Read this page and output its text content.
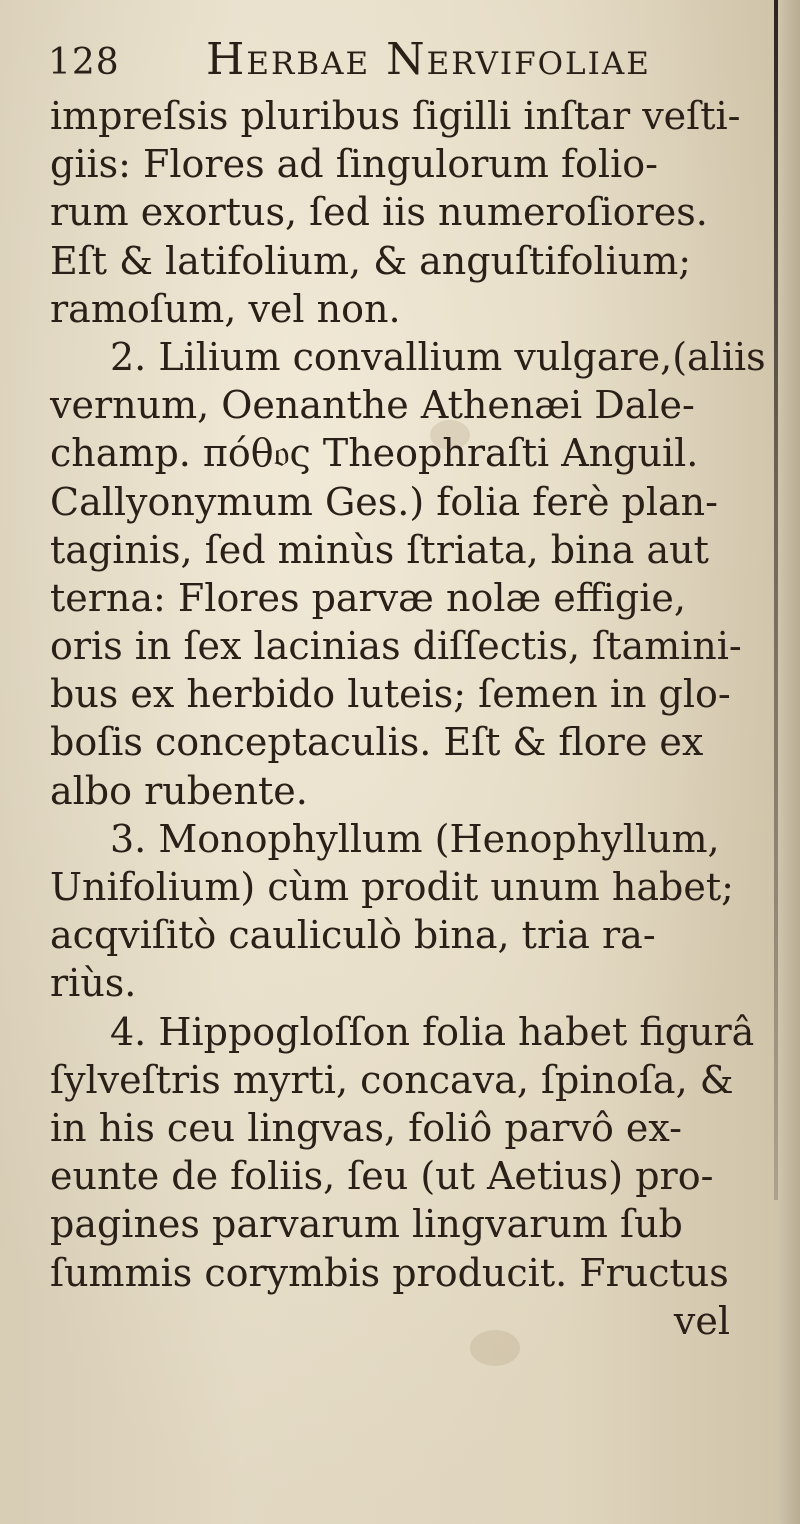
128 Herbae Nervifoliae
impreſsis pluribus ſigilli inſtar veſti-
giis: Flores ad ſingulorum folio-
rum exortus, ſed iis numeroſiores.
Eſt & latifolium, & anguſtifolium;
ramoſum, vel non.
2. Lilium convallium vulgare,(aliis
vernum, Oenanthe Athenæi Dale-
champ. πόθ𝔬ς Theophraſti Anguil.
Callyonymum Ges.) folia ferè plan-
taginis, ſed minùs ſtriata, bina aut
terna: Flores parvæ nolæ effigie,
oris in ſex lacinias diſſectis, ſtamini-
bus ex herbido luteis; ſemen in glo-
boſis conceptaculis. Eſt & flore ex
albo rubente.
3. Monophyllum (Henophyllum,
Unifolium) cùm prodit unum habet;
acqviſitò cauliculò bina, tria ra-
riùs.
4. Hippogloſſon folia habet figurâ
ſylveſtris myrti, concava, ſpinoſa, &
in his ceu lingvas, foliô parvô ex-
eunte de foliis, ſeu (ut Aetius) pro-
pagines parvarum lingvarum ſub
ſummis corymbis producit. Fructus
vel
